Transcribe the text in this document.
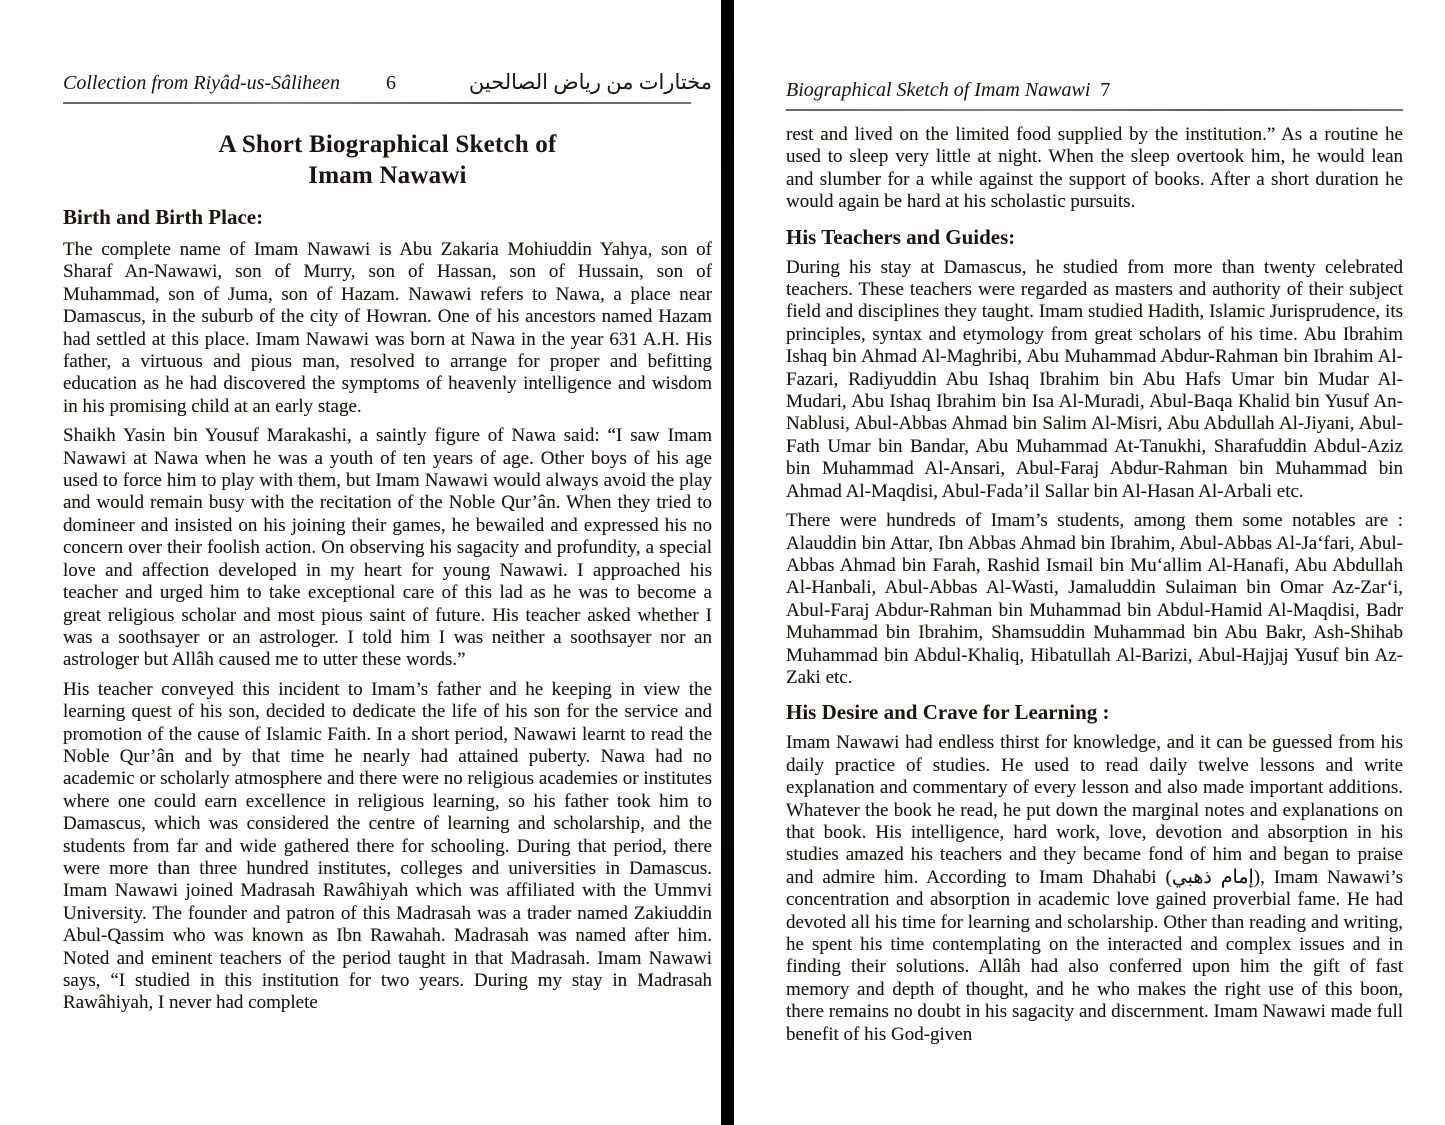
Collection from Riyâd-us-Sâliheen 6	مختارات من رياض الصالحين
A Short Biographical Sketch of
Imam Nawawi
Birth and Birth Place:

The complete name of Imam Nawawi is Abu Zakaria Mohiuddin Yahya, son of Sharaf An-Nawawi, son of Murry, son of Hassan, son of Hussain, son of Muhammad, son of Juma, son of Hazam. Nawawi refers to Nawa, a place near Damascus, in the suburb of the city of Howran. One of his ancestors named Hazam had settled at this place. Imam Nawawi was born at Nawa in the year 631 A.H. His father, a virtuous and pious man, resolved to arrange for proper and befitting education as he had discovered the symptoms of heavenly intelligence and wisdom in his promising child at an early stage.

Shaikh Yasin bin Yousuf Marakashi, a saintly figure of Nawa said: “I saw Imam Nawawi at Nawa when he was a youth of ten years of age. Other boys of his age used to force him to play with them, but Imam Nawawi would always avoid the play and would remain busy with the recitation of the Noble Qur’ân. When they tried to domineer and insisted on his joining their games, he bewailed and expressed his no concern over their foolish action. On observing his sagacity and profundity, a special love and affection developed in my heart for young Nawawi. I approached his teacher and urged him to take exceptional care of this lad as he was to become a great religious scholar and most pious saint of future. His teacher asked whether I was a soothsayer or an astrologer. I told him I was neither a soothsayer nor an astrologer but Allâh caused me to utter these words.”

His teacher conveyed this incident to Imam’s father and he keeping in view the learning quest of his son, decided to dedicate the life of his son for the service and promotion of the cause of Islamic Faith. In a short period, Nawawi learnt to read the Noble Qur’ân and by that time he nearly had attained puberty. Nawa had no academic or scholarly atmosphere and there were no religious academies or institutes where one could earn excellence in religious learning, so his father took him to Damascus, which was considered the centre of learning and scholarship, and the students from far and wide gathered there for schooling. During that period, there were more than three hundred institutes, colleges and universities in Damascus. Imam Nawawi joined Madrasah Rawâhiyah which was affiliated with the Ummvi University. The founder and patron of this Madrasah was a trader named Zakiuddin Abul-Qassim who was known as Ibn Rawahah. Madrasah was named after him. Noted and eminent teachers of the period taught in that Madrasah. Imam Nawawi says, “I studied in this institution for two years. During my stay in Madrasah Rawâhiyah, I never had complete

Biographical Sketch of Imam Nawawi 7

rest and lived on the limited food supplied by the institution.” As a routine he used to sleep very little at night. When the sleep overtook him, he would lean and slumber for a while against the support of books. After a short duration he would again be hard at his scholastic pursuits.

His Teachers and Guides:

During his stay at Damascus, he studied from more than twenty celebrated teachers. These teachers were regarded as masters and authority of their subject field and disciplines they taught. Imam studied Hadith, Islamic Jurisprudence, its principles, syntax and etymology from great scholars of his time. Abu Ibrahim Ishaq bin Ahmad Al-Maghribi, Abu Muhammad Abdur-Rahman bin Ibrahim Al-Fazari, Radiyuddin Abu Ishaq Ibrahim bin Abu Hafs Umar bin Mudar Al-Mudari, Abu Ishaq Ibrahim bin Isa Al-Muradi, Abul-Baqa Khalid bin Yusuf An-Nablusi, Abul-Abbas Ahmad bin Salim Al-Misri, Abu Abdullah Al-Jiyani, Abul-Fath Umar bin Bandar, Abu Muhammad At-Tanukhi, Sharafuddin Abdul-Aziz bin Muhammad Al-Ansari, Abul-Faraj Abdur-Rahman bin Muhammad bin Ahmad Al-Maqdisi, Abul-Fada’il Sallar bin Al-Hasan Al-Arbali etc.

There were hundreds of Imam’s students, among them some notables are : Alauddin bin Attar, Ibn Abbas Ahmad bin Ibrahim, Abul-Abbas Al-Ja‘fari, Abul-Abbas Ahmad bin Farah, Rashid Ismail bin Mu‘allim Al-Hanafi, Abu Abdullah Al-Hanbali, Abul-Abbas Al-Wasti, Jamaluddin Sulaiman bin Omar Az-Zar‘i, Abul-Faraj Abdur-Rahman bin Muhammad bin Abdul-Hamid Al-Maqdisi, Badr Muhammad bin Ibrahim, Shamsuddin Muhammad bin Abu Bakr, Ash-Shihab Muhammad bin Abdul-Khaliq, Hibatullah Al-Barizi, Abul-Hajjaj Yusuf bin Az-Zaki etc.

His Desire and Crave for Learning :

Imam Nawawi had endless thirst for knowledge, and it can be guessed from his daily practice of studies. He used to read daily twelve lessons and write explanation and commentary of every lesson and also made important additions. Whatever the book he read, he put down the marginal notes and explanations on that book. His intelligence, hard work, love, devotion and absorption in his studies amazed his teachers and they became fond of him and began to praise and admire him. According to Imam Dhahabi (إمام ذهبي), Imam Nawawi’s concentration and absorption in academic love gained proverbial fame. He had devoted all his time for learning and scholarship. Other than reading and writing, he spent his time contemplating on the interacted and complex issues and in finding their solutions. Allâh had also conferred upon him the gift of fast memory and depth of thought, and he who makes the right use of this boon, there remains no doubt in his sagacity and discernment. Imam Nawawi made full benefit of his God-given
